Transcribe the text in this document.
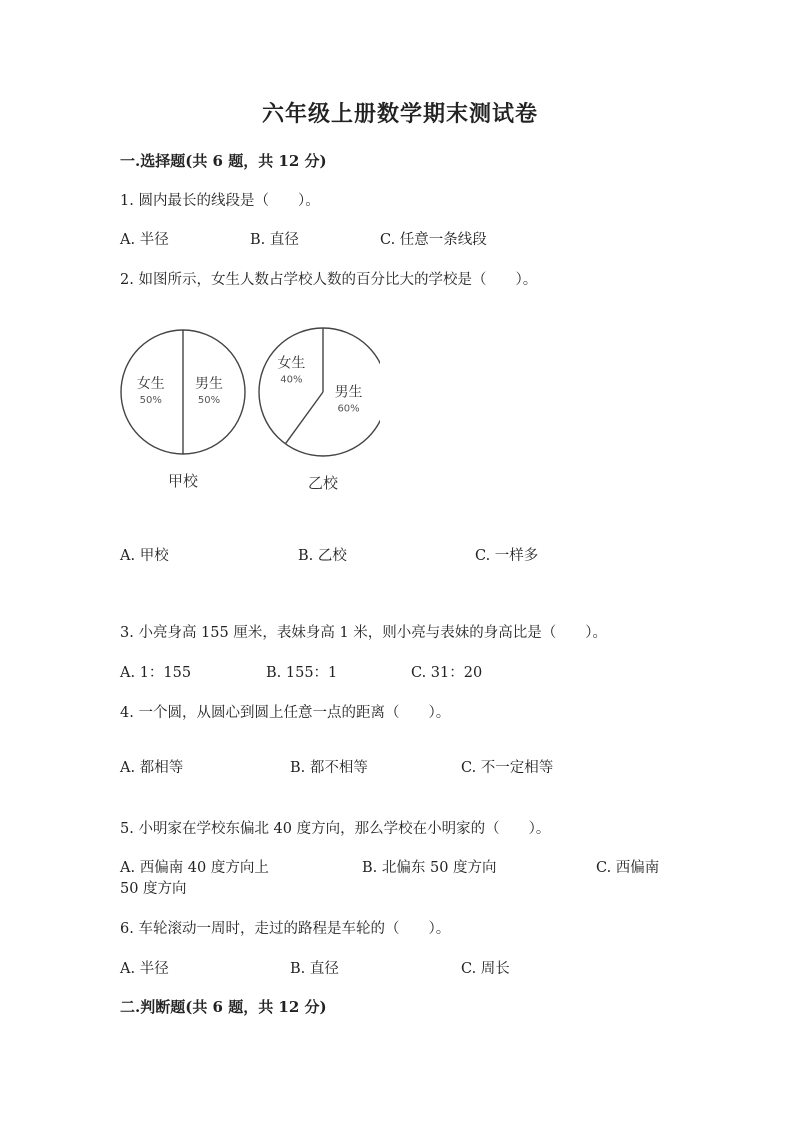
六年级上册数学期末测试卷
一.选择题(共 6 题，共 12 分)
1. 圆内最长的线段是（　　）。
A. 半径	B. 直径	C. 任意一条线段
2. 如图所示，女生人数占学校人数的百分比大的学校是（　　）。
女生
50%
男生
50%
甲校
女生
40%
男生
60%
乙校
A. 甲校	B. 乙校	C. 一样多
3. 小亮身高 155 厘米，表妹身高 1 米，则小亮与表妹的身高比是（　　）。
A. 1：155	B. 155：1	C. 31：20
4. 一个圆，从圆心到圆上任意一点的距离（　　）。
A. 都相等	B. 都不相等	C. 不一定相等
5. 小明家在学校东偏北 40 度方向，那么学校在小明家的（　　）。
A. 西偏南 40 度方向上	B. 北偏东 50 度方向	C. 西偏南
50 度方向
6. 车轮滚动一周时，走过的路程是车轮的（　　）。
A. 半径	B. 直径	C. 周长
二.判断题(共 6 题，共 12 分)
